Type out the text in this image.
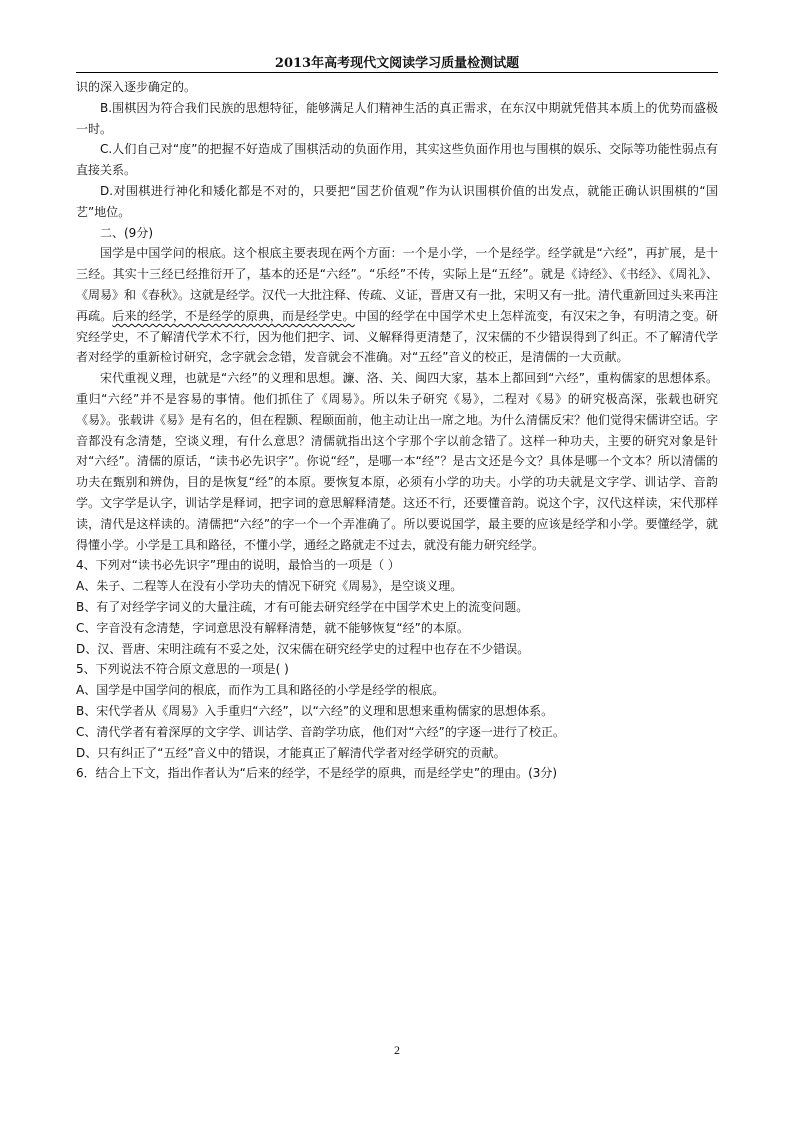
2013年高考现代文阅读学习质量检测试题

识的深入逐步确定的。

B.围棋因为符合我们民族的思想特征，能够满足人们精神生活的真正需求，在东汉中期就凭借其本质上的优势而盛极一时。

C.人们自己对“度”的把握不好造成了围棋活动的负面作用，其实这些负面作用也与围棋的娱乐、交际等功能性弱点有直接关系。

D.对围棋进行神化和矮化都是不对的，只要把“国艺价值观”作为认识围棋价值的出发点，就能正确认识围棋的“国艺”地位。

二、(9分)

国学是中国学问的根底。这个根底主要表现在两个方面：一个是小学，一个是经学。经学就是“六经”，再扩展，是十三经。其实十三经已经推衍开了，基本的还是“六经”。“乐经”不传，实际上是“五经”。就是《诗经》、《书经》、《周礼》、《周易》和《春秋》。这就是经学。汉代一大批注释、传疏、义证，晋唐又有一批，宋明又有一批。清代重新回过头来再注再疏。后来的经学，不是经学的原典，而是经学史。中国的经学在中国学术史上怎样流变，有汉宋之争，有明清之变。研究经学史，不了解清代学术不行，因为他们把字、词、义解释得更清楚了，汉宋儒的不少错误得到了纠正。不了解清代学者对经学的重新检讨研究，念字就会念错，发音就会不准确。对“五经”音义的校正，是清儒的一大贡献。

宋代重视义理，也就是“六经”的义理和思想。濂、洛、关、闽四大家，基本上都回到“六经”，重构儒家的思想体系。重归“六经”并不是容易的事情。他们抓住了《周易》。所以朱子研究《易》，二程对《易》的研究极高深，张载也研究《易》。张载讲《易》是有名的，但在程颢、程颐面前，他主动让出一席之地。为什么清儒反宋？他们觉得宋儒讲空话。字音都没有念清楚，空谈义理，有什么意思？清儒就指出这个字那个字以前念错了。这样一种功夫，主要的研究对象是针对“六经”。清儒的原话，“读书必先识字”。你说“经”，是哪一本“经”？是古文还是今文？具体是哪一个文本？所以清儒的功夫在甄别和辨伪，目的是恢复“经”的本原。要恢复本原，必须有小学的功夫。小学的功夫就是文字学、训诂学、音韵学。文字学是认字，训诂学是释词，把字词的意思解释清楚。这还不行，还要懂音韵。说这个字，汉代这样读，宋代那样读，清代是这样读的。清儒把“六经”的字一个一个弄准确了。所以要说国学，最主要的应该是经学和小学。要懂经学，就得懂小学。小学是工具和路径，不懂小学，通经之路就走不过去，就没有能力研究经学。

4、下列对“读书必先识字”理由的说明，最恰当的一项是（ ）

A、朱子、二程等人在没有小学功夫的情况下研究《周易》，是空谈义理。

B、有了对经学字词义的大量注疏，才有可能去研究经学在中国学术史上的流变问题。

C、字音没有念清楚，字词意思没有解释清楚，就不能够恢复“经”的本原。

D、汉、晋唐、宋明注疏有不妥之处，汉宋儒在研究经学史的过程中也存在不少错误。

5、下列说法不符合原文意思的一项是( )

A、国学是中国学问的根底，而作为工具和路径的小学是经学的根底。

B、宋代学者从《周易》入手重归“六经”，以“六经”的义理和思想来重构儒家的思想体系。

C、清代学者有着深厚的文字学、训诂学、音韵学功底，他们对“六经”的字逐一进行了校正。

D、只有纠正了“五经”音义中的错误，才能真正了解清代学者对经学研究的贡献。

6．结合上下文，指出作者认为“后来的经学，不是经学的原典，而是经学史”的理由。(3分)

2
